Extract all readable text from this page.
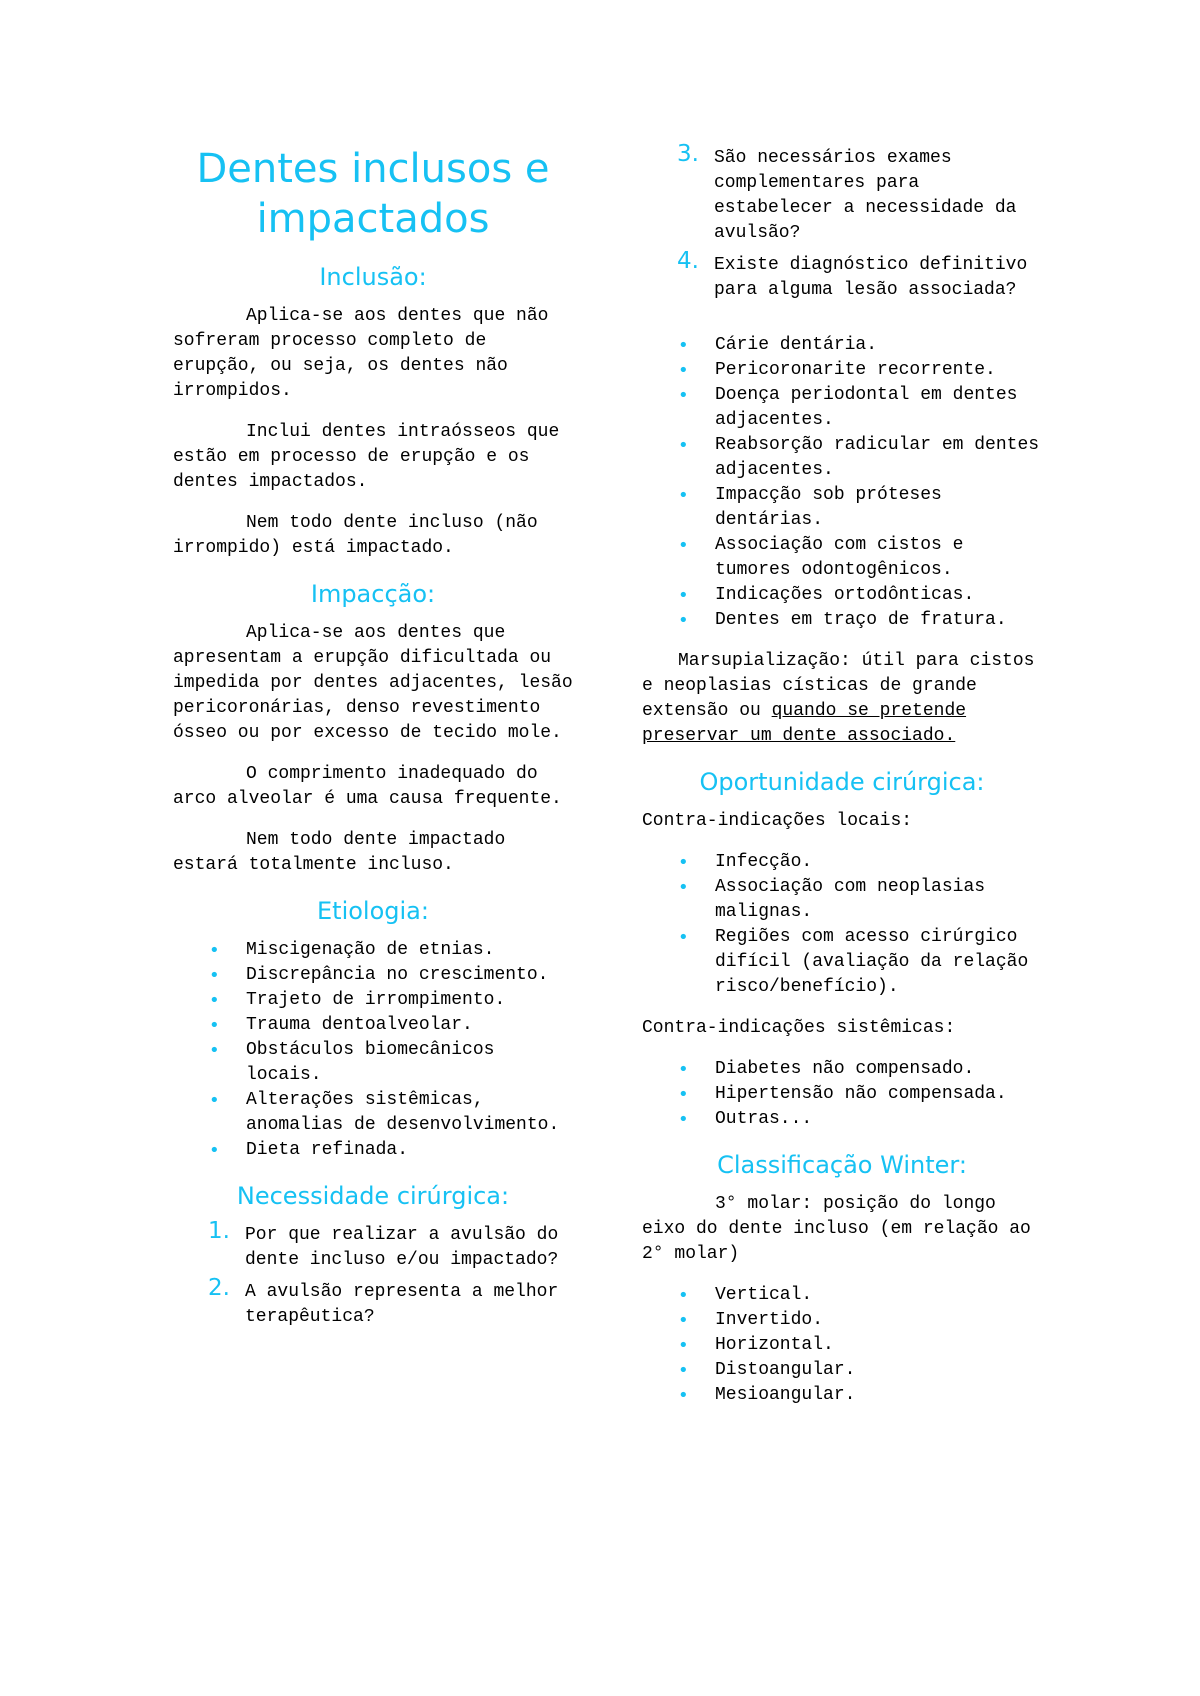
Dentes inclusos e impactados
Inclusão:

Aplica-se aos dentes que não sofreram processo completo de erupção, ou seja, os dentes não irrompidos.

Inclui dentes intraósseos que estão em processo de erupção e os dentes impactados.

Nem todo dente incluso (não irrompido) está impactado.

Impacção:

Aplica-se aos dentes que apresentam a erupção dificultada ou impedida por dentes adjacentes, lesão pericoronárias, denso revestimento ósseo ou por excesso de tecido mole.

O comprimento inadequado do arco alveolar é uma causa frequente.

Nem todo dente impactado estará totalmente incluso.

Etiologia:
• Miscigenação de etnias.
• Discrepância no crescimento.
• Trajeto de irrompimento.
• Trauma dentoalveolar.
• Obstáculos biomecânicos locais.
• Alterações sistêmicas, anomalias de desenvolvimento.
• Dieta refinada.
Necessidade cirúrgica:
1. Por que realizar a avulsão do dente incluso e/ou impactado?
2. A avulsão representa a melhor terapêutica?
3. São necessários exames complementares para estabelecer a necessidade da avulsão?
4. Existe diagnóstico definitivo para alguma lesão associada?
• Cárie dentária.
• Pericoronarite recorrente.
• Doença periodontal em dentes adjacentes.
• Reabsorção radicular em dentes adjacentes.
• Impacção sob próteses dentárias.
• Associação com cistos e tumores odontogênicos.
• Indicações ortodônticas.
• Dentes em traço de fratura.

Marsupialização: útil para cistos e neoplasias císticas de grande extensão ou quando se pretende preservar um dente associado.

Oportunidade cirúrgica:

Contra-indicações locais:

• Infecção.
• Associação com neoplasias malignas.
• Regiões com acesso cirúrgico difícil (avaliação da relação risco/benefício).

Contra-indicações sistêmicas:

• Diabetes não compensado.
• Hipertensão não compensada.
• Outras...
Classificação Winter:

3° molar: posição do longo eixo do dente incluso (em relação ao 2° molar)

• Vertical.
• Invertido.
• Horizontal.
• Distoangular.
• Mesioangular.
